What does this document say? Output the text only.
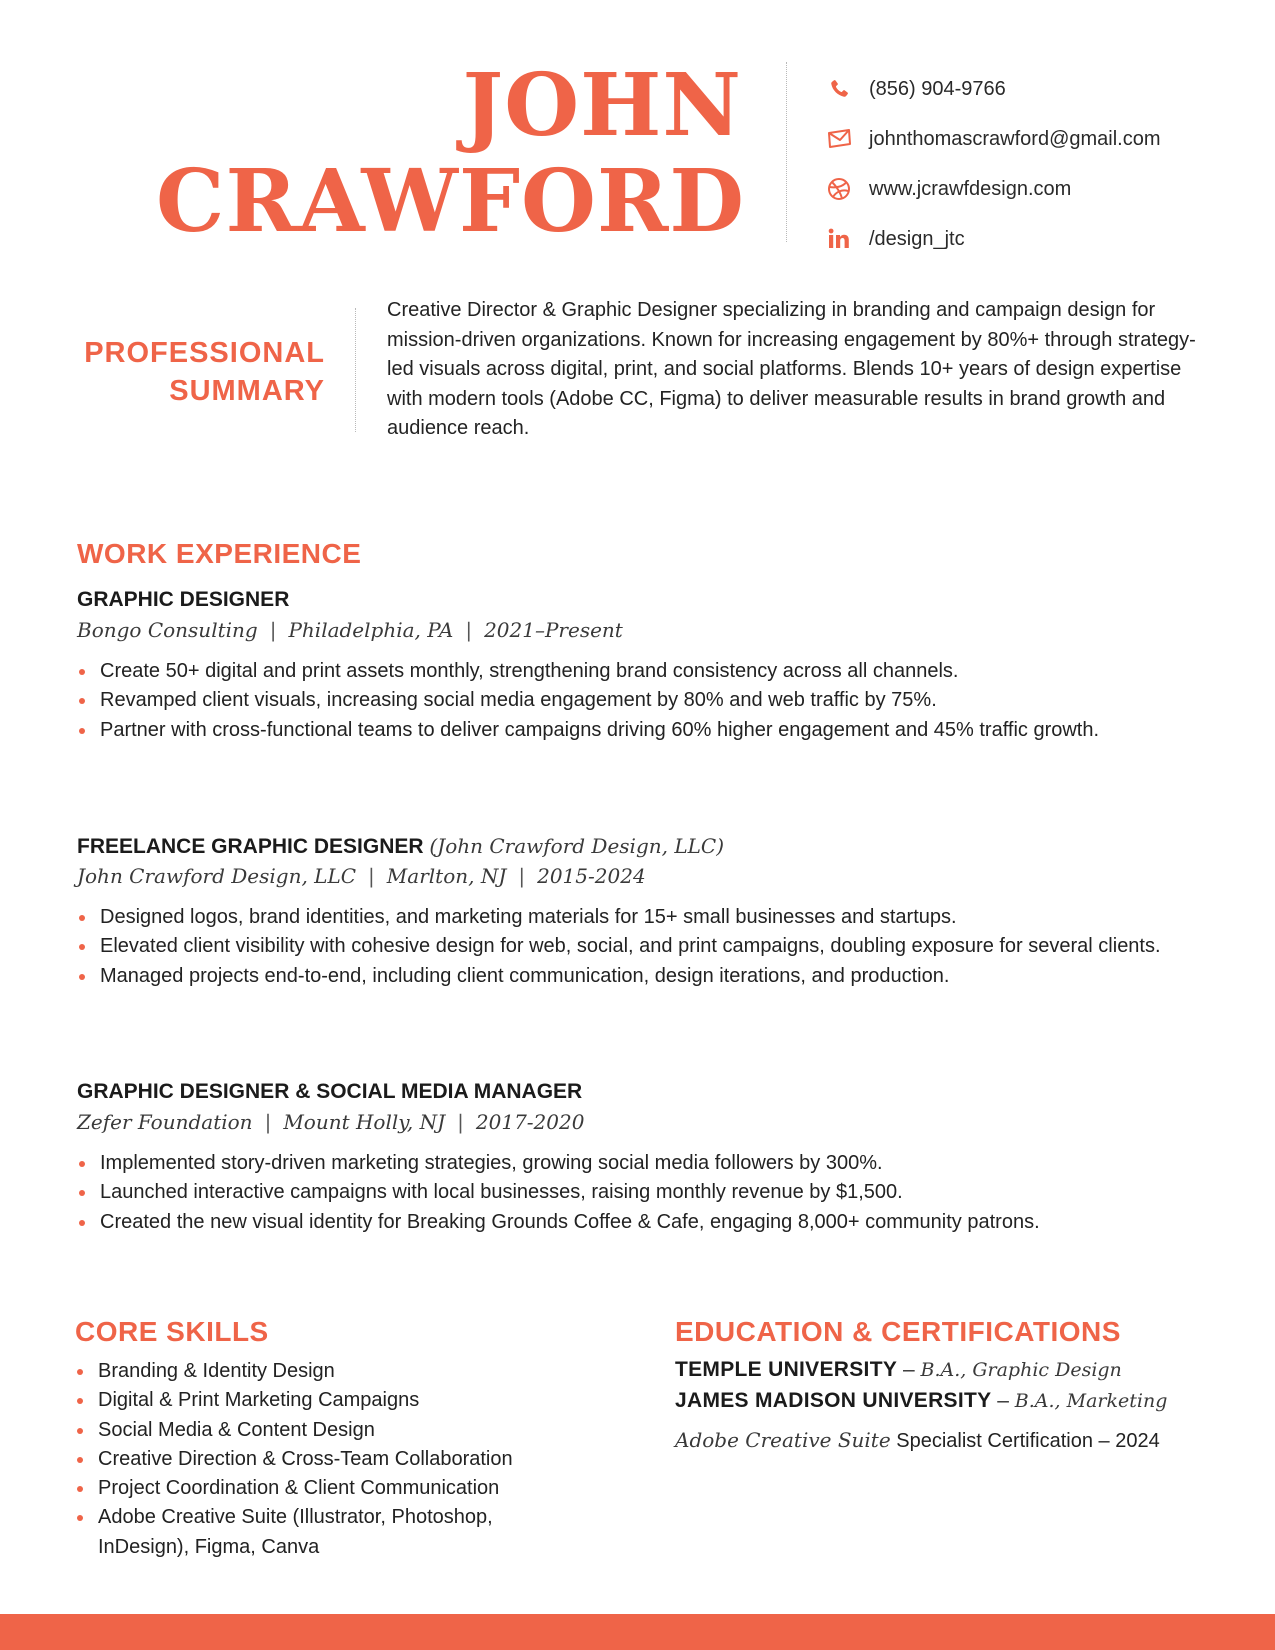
JOHN
CRAWFORD
(856) 904-9766
johnthomascrawford@gmail.com
www.jcrawfdesign.com
/design_jtc
PROFESSIONAL
SUMMARY
Creative Director & Graphic Designer specializing in branding and campaign design for mission-driven organizations. Known for increasing engagement by 80%+ through strategy-led visuals across digital, print, and social platforms. Blends 10+ years of design expertise with modern tools (Adobe CC, Figma) to deliver measurable results in brand growth and audience reach.
WORK EXPERIENCE
GRAPHIC DESIGNER
Bongo Consulting | Philadelphia, PA | 2021–Present
Create 50+ digital and print assets monthly, strengthening brand consistency across all channels.
Revamped client visuals, increasing social media engagement by 80% and web traffic by 75%.
Partner with cross-functional teams to deliver campaigns driving 60% higher engagement and 45% traffic growth.
FREELANCE GRAPHIC DESIGNER (John Crawford Design, LLC)
John Crawford Design, LLC | Marlton, NJ | 2015-2024
Designed logos, brand identities, and marketing materials for 15+ small businesses and startups.
Elevated client visibility with cohesive design for web, social, and print campaigns, doubling exposure for several clients.
Managed projects end-to-end, including client communication, design iterations, and production.
GRAPHIC DESIGNER & SOCIAL MEDIA MANAGER
Zefer Foundation | Mount Holly, NJ | 2017-2020
Implemented story-driven marketing strategies, growing social media followers by 300%.
Launched interactive campaigns with local businesses, raising monthly revenue by $1,500.
Created the new visual identity for Breaking Grounds Coffee & Cafe, engaging 8,000+ community patrons.
CORE SKILLS
Branding & Identity Design
Digital & Print Marketing Campaigns
Social Media & Content Design
Creative Direction & Cross-Team Collaboration
Project Coordination & Client Communication
Adobe Creative Suite (Illustrator, Photoshop, InDesign), Figma, Canva
EDUCATION & CERTIFICATIONS
TEMPLE UNIVERSITY – B.A., Graphic Design
JAMES MADISON UNIVERSITY – B.A., Marketing
Adobe Creative Suite Specialist Certification – 2024
